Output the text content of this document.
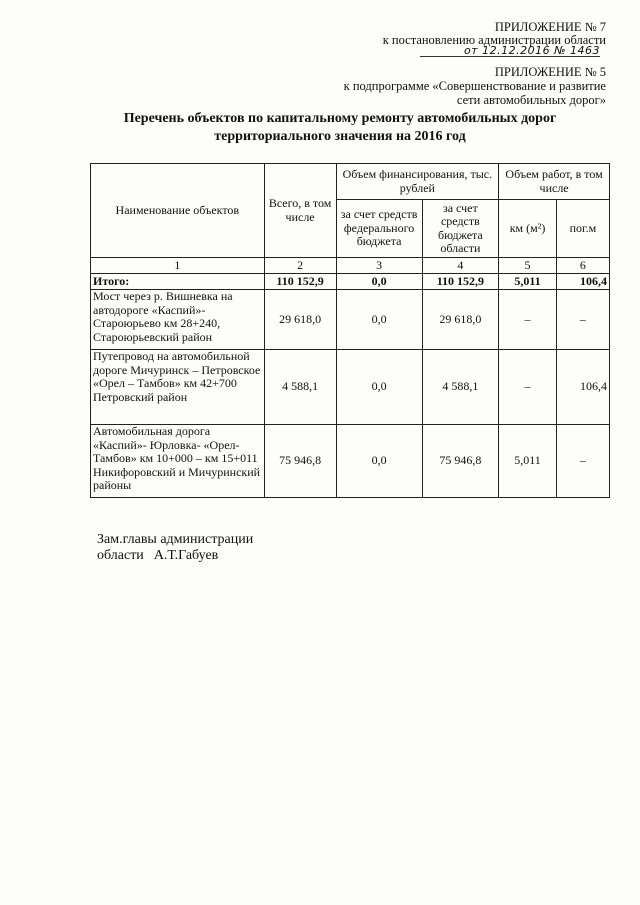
ПРИЛОЖЕНИЕ № 7
к постановлению администрации области
от 12.12.2016 № 1463
ПРИЛОЖЕНИЕ № 5
к подпрограмме «Совершенствование и развитие
сети автомобильных дорог»
Перечень объектов по капитальному ремонту автомобильных дорог
территориального значения на 2016 год
Наименование объектов	Всего, в том числе	Объем финансирования, тыс. рублей		Объем работ, в том числе	
		за счет средств федерального бюджета	за счет средств бюджета области	км (м²)	пог.м
1	2	3	4	5	6
Итого:	110 152,9	0,0	110 152,9	5,011	106,4
Мост через р. Вишневка на автодороге «Каспий»-Староюрьево км 28+240, Староюрьевский район	29 618,0	0,0	29 618,0	–	–
Путепровод на автомобильной дороге Мичуринск – Петровское «Орел – Тамбов» км 42+700 Петровский район	4 588,1	0,0	4 588,1	–	106,4
Автомобильная дорога «Каспий»- Юрловка- «Орел-Тамбов» км 10+000 – км 15+011 Никифоровский и Мичуринский районы	75 946,8	0,0	75 946,8	5,011	–
Зам.главы администрации
области А.Т.Габуев
